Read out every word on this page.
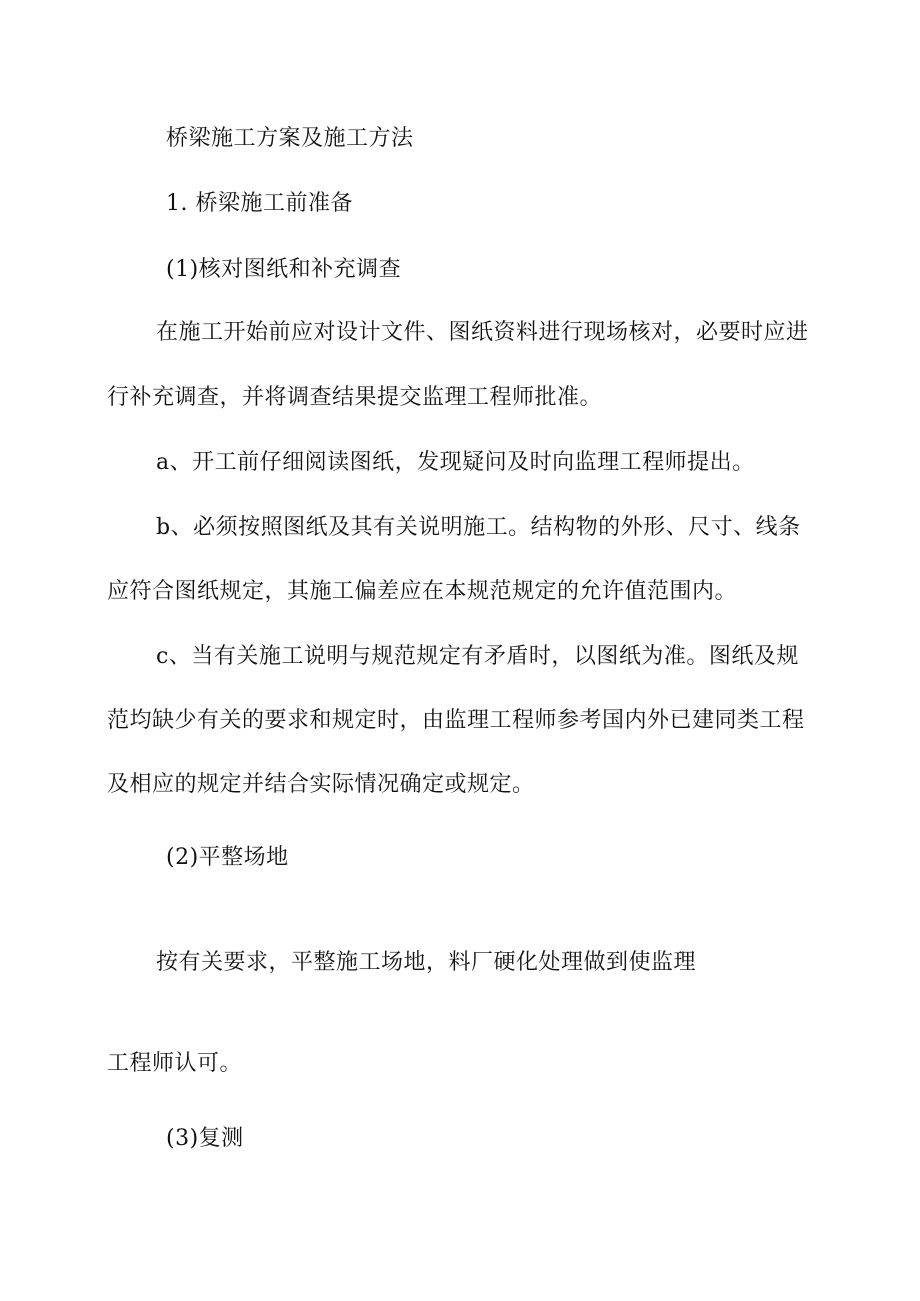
桥梁施工方案及施工方法
1. 桥梁施工前准备
(1)核对图纸和补充调查
在施工开始前应对设计文件、图纸资料进行现场核对，必要时应进
行补充调查，并将调查结果提交监理工程师批准。
a、开工前仔细阅读图纸，发现疑问及时向监理工程师提出。
b、必须按照图纸及其有关说明施工。结构物的外形、尺寸、线条
应符合图纸规定，其施工偏差应在本规范规定的允许值范围内。
c、当有关施工说明与规范规定有矛盾时，以图纸为准。图纸及规
范均缺少有关的要求和规定时，由监理工程师参考国内外已建同类工程
及相应的规定并结合实际情况确定或规定。
(2)平整场地
按有关要求，平整施工场地，料厂硬化处理做到使监理
工程师认可。
(3)复测
